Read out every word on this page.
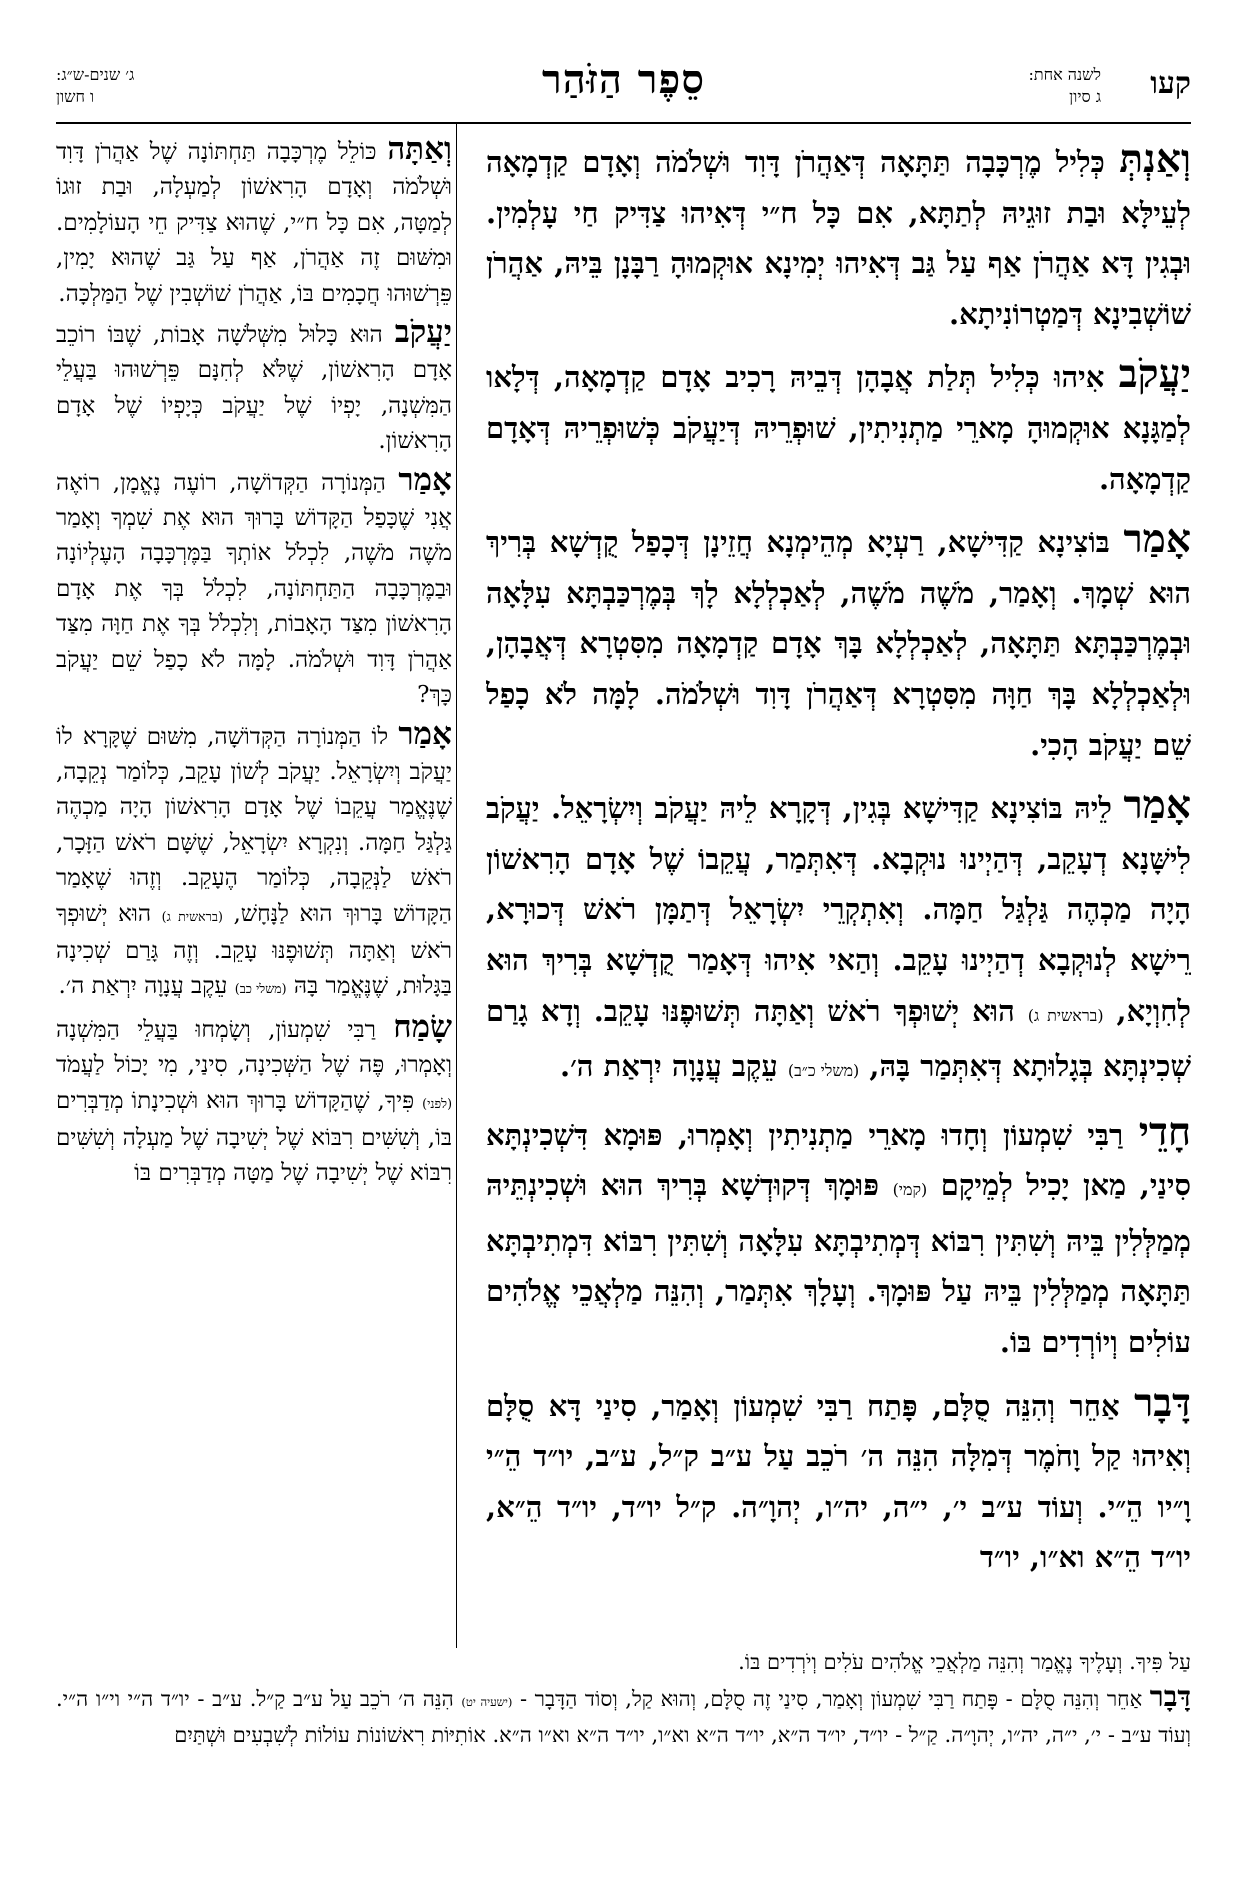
קעו
לשנה אחת:
ג סיון
סֵפֶר הַזֹּהַר
ג׳ שנים-ש״ג:
ו חשון

וְאַנְתְּ כְּלִיל מֶרְכָּבָה תַּתָּאָה דְּאַהֲרֹן דָּוִד וּשְׁלֹמֹה וְאָדָם קַדְמָאָה לְעֵילָּא וּבַת זוּגֵיהּ לְתַתָּא, אִם כָּל ח״י דְּאִיהוּ צַדִּיק חַי עָלְמִין. וּבְגִין דָּא אַהֲרֹן אַף עַל גַּב דְּאִיהוּ יְמִינָא אוּקְמוּהָ רַבָּנָן בֵּיהּ, אַהֲרֹן שׁוֹשְׁבִינָא דְּמַטְרוֹנִיתָא.

יַעֲקֹב אִיהוּ כְּלִיל תְּלַת אֲבָהָן דְּבֵיהּ רָכִיב אָדָם קַדְמָאָה, דְּלָאו לְמַגָּנָא אוּקְמוּהָ מָארֵי מַתְנִיתִין, שׁוּפְרֵיהּ דְּיַעֲקֹב כְּשׁוּפְרֵיהּ דְּאָדָם קַדְמָאָה.

אָמַר בּוֹצִינָא קַדִּישָׁא, רַעְיָא מְהֵימְנָא חֲזֵינָן דְּכָפַל קֻדְשָׁא בְּרִיךְ הוּא שְׁמָךְ. וְאָמַר, מֹשֶׁה מֹשֶׁה, לְאַכְלְלָא לָךְ בְּמֶרְכַּבְתָּא עִלָּאָה וּבְמֶרְכַּבְתָּא תַּתָּאָה, לְאַכְלְלָא בָּךְ אָדָם קַדְמָאָה מִסִּטְרָא דְּאֲבָהָן, וּלְאַכְלְלָא בָּךְ חַוָּה מִסִּטְרָא דְּאַהֲרֹן דָּוִד וּשְׁלֹמֹה. לָמָּה לֹא כָפַל שֵׁם יַעֲקֹב הָכִי.

אָמַר לֵיהּ בּוֹצִינָא קַדִּישָׁא בְּגִין, דְּקָרָא לֵיהּ יַעֲקֹב וְיִשְׂרָאֵל. יַעֲקֹב לִישָּׁנָא דְעָקֵב, דְּהַיְינוּ נוּקְבָא. דְּאִתְּמַר, עֲקֵבוֹ שֶׁל אָדָם הָרִאשׁוֹן הָיָה מַכְהֶה גַּלְגַּל חַמָּה. וְאִתְקְרֵי יִשְׂרָאֵל דְּתַמָּן רֹאשׁ דְּכוּרָא, רֵישָׁא לְנוּקְבָא דְהַיְינוּ עָקֵב. וְהַאי אִיהוּ דְּאָמַר קֻדְשָׁא בְּרִיךְ הוּא לְחִוְיָא, (בראשית ג) הוּא יְשׁוּפְךָ רֹאשׁ וְאַתָּה תְּשׁוּפֶנּוּ עָקֵב. וְדָא גָרַם שְׁכִינְתָּא בְּגָלוּתָא דְּאִתְּמַר בָּהּ, (משלי כ״ב) עֵקֶב עֲנָוָה יִרְאַת ה׳.

חָדֵי רַבִּי שִׁמְעוֹן וְחָדוּ מָארֵי מַתְנִיתִין וְאָמְרוּ, פּוּמָא דִּשְׁכִינְתָּא סִינַי, מַאן יָכִיל לְמֵיקָם (קמי) פּוּמָךְ דְּקוּדְשָׁא בְּרִיךְ הוּא וּשְׁכִינְתֵּיהּ מְמַלְּלִין בֵּיהּ וְשִׁתִּין רִבּוֹא דְּמְתִיבְתָּא עִלָּאָה וְשִׁתִּין רִבּוֹא דִּמְתִיבְתָּא תַּתָּאָה מְמַלְּלִין בֵּיהּ עַל פּוּמָךְ. וְעָלָךְ אִתְּמַר, וְהִנֵּה מַלְאֲכֵי אֱלֹהִים עוֹלִים וְיוֹרְדִים בּוֹ.

דָּבָר אַחֵר וְהִנֵּה סֻלָּם, פָּתַח רַבִּי שִׁמְעוֹן וְאָמַר, סִינַי דָּא סֻלָּם וְאִיהוּ קַל וָחֹמֶר דְּמִלָּה הִנֵּה ה׳ רֹכֵב עַל ע״ב ק״ל, ע״ב, יו״ד הֵ״י וָ״יו הֵ״י. וְעוֹד ע״ב י׳, י״ה, יה״ו, יְהוָ״ה. ק״ל יו״ד, יו״ד הֵ״א, יו״ד הֵ״א וא״ו, יו״ד

וְאַתָּה כּוֹלֵל מֶרְכָּבָה תַּחְתּוֹנָה שֶׁל אַהֲרֹן דָּוִד וּשְׁלֹמֹה וְאָדָם הָרִאשׁוֹן לְמַעְלָה, וּבַת זוּגוֹ לְמַטָּה, אִם כָּל ח״י, שֶׁהוּא צַדִּיק חֵי הָעוֹלָמִים. וּמִשּׁוּם זֶה אַהֲרֹן, אַף עַל גַּב שֶׁהוּא יָמִין, פֵּרְשׁוּהוּ חֲכָמִים בּוֹ, אַהֲרֹן שׁוֹשְׁבִין שֶׁל הַמַּלְכָּה.

יַעֲקֹב הוּא כָּלוּל מִשְּׁלֹשָׁה אָבוֹת, שֶׁבּוֹ רוֹכֵב אָדָם הָרִאשׁוֹן, שֶׁלֹּא לְחִנָּם פֵּרְשׁוּהוּ בַּעֲלֵי הַמִּשְׁנָה, יָפְיוֹ שֶׁל יַעֲקֹב כְּיָפְיוֹ שֶׁל אָדָם הָרִאשׁוֹן.

אָמַר הַמְּנוֹרָה הַקְּדוֹשָׁה, רוֹעֶה נֶאֱמָן, רוֹאֶה אֲנִי שֶׁכָּפַל הַקָּדוֹשׁ בָּרוּךְ הוּא אֶת שִׁמְךָ וְאָמַר מֹשֶׁה מֹשֶׁה, לִכְלֹל אוֹתְךָ בַּמֶּרְכָּבָה הָעֶלְיוֹנָה וּבַמֶּרְכָּבָה הַתַּחְתּוֹנָה, לִכְלֹל בְּךָ אֶת אָדָם הָרִאשׁוֹן מִצַּד הָאָבוֹת, וְלִכְלֹל בְּךָ אֶת חַוָּה מִצַּד אַהֲרֹן דָּוִד וּשְׁלֹמֹה. לָמָּה לֹא כָפַל שֵׁם יַעֲקֹב כָּךְ?

אָמַר לוֹ הַמְּנוֹרָה הַקְּדוֹשָׁה, מִשּׁוּם שֶׁקָּרָא לוֹ יַעֲקֹב וְיִשְׂרָאֵל. יַעֲקֹב לְשׁוֹן עָקֵב, כְּלוֹמַר נְקֵבָה, שֶׁנֶּאֱמַר עֲקֵבוֹ שֶׁל אָדָם הָרִאשׁוֹן הָיָה מַכְהֶה גַּלְגַּל חַמָּה. וְנִקְרָא יִשְׂרָאֵל, שֶׁשָּׁם רֹאשׁ הַזָּכָר, רֹאשׁ לַנְּקֵבָה, כְּלוֹמַר הֶעָקֵב. וְזֶהוּ שֶׁאָמַר הַקָּדוֹשׁ בָּרוּךְ הוּא לַנָּחָשׁ, (בראשית ג) הוּא יְשׁוּפְךָ רֹאשׁ וְאַתָּה תְּשׁוּפֶנּוּ עָקֵב. וְזֶה גָּרַם שְׁכִינָה בַּגָּלוּת, שֶׁנֶּאֱמַר בָּהּ (משלי כב) עֵקֶב עֲנָוָה יִרְאַת ה׳.

שָׂמַח רַבִּי שִׁמְעוֹן, וְשָׂמְחוּ בַּעֲלֵי הַמִּשְׁנָה וְאָמְרוּ, פֶּה שֶׁל הַשְּׁכִינָה, סִינַי, מִי יָכוֹל לַעֲמֹד (לפני) פִּיךָ, שֶׁהַקָּדוֹשׁ בָּרוּךְ הוּא וּשְׁכִינָתוֹ מְדַבְּרִים בּוֹ, וְשִׁשִּׁים רִבּוֹא שֶׁל יְשִׁיבָה שֶׁל מַעְלָה וְשִׁשִּׁים רִבּוֹא שֶׁל יְשִׁיבָה שֶׁל מַטָּה מְדַבְּרִים בּוֹ

עַל פִּיךָ. וְעָלֶיךָ נֶאֱמַר וְהִנֵּה מַלְאֲכֵי אֱלֹהִים עֹלִים וְיֹרְדִים בּוֹ.

דָּבָר אַחֵר וְהִנֵּה סֻלָּם - פָּתַח רַבִּי שִׁמְעוֹן וְאָמַר, סִינַי זֶה סֻלָּם, וְהוּא קַל, וְסוֹד הַדָּבָר - (ישעיה יט) הִנֵּה ה׳ רֹכֵב עַל ע״ב קַ״ל. ע״ב - יו״ד ה״י וי״ו ה״י. וְעוֹד ע״ב - י׳, י״ה, יה״ו, יְהוָ״ה. קַ״ל - יו״ד, יו״ד ה״א, יו״ד ה״א וא״ו, יו״ד ה״א וא״ו ה״א. אוֹתִיּוֹת רִאשׁוֹנוֹת עוֹלוֹת לְשִׁבְעִים וּשְׁתַּיִם
